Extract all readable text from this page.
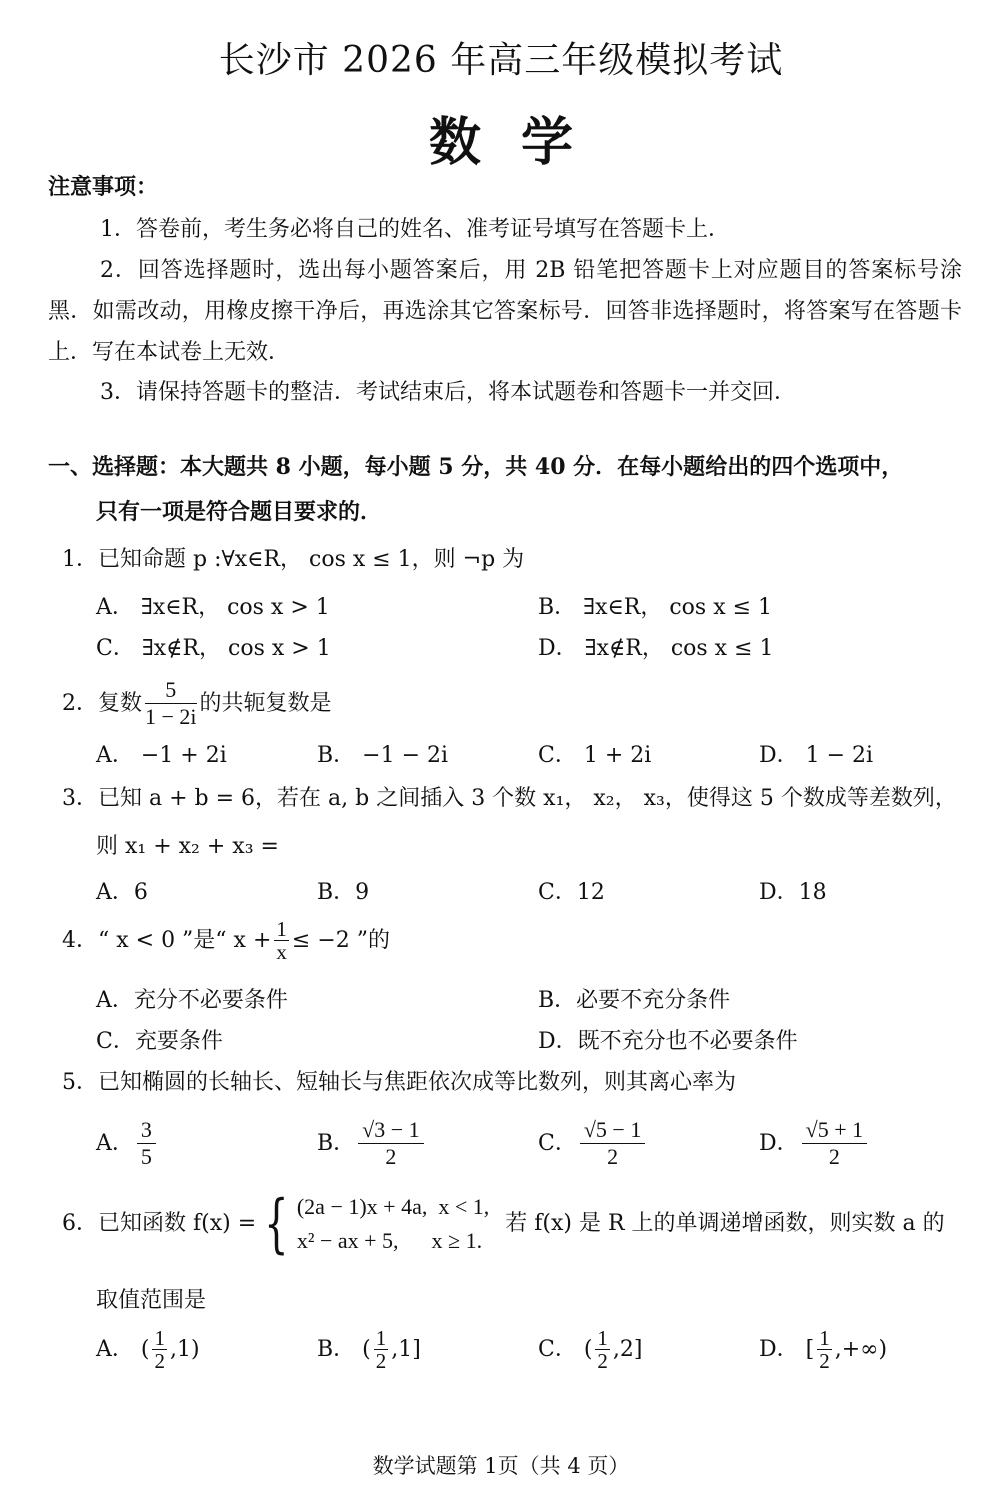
长沙市 2026 年高三年级模拟考试
数学
注意事项：
1．答卷前，考生务必将自己的姓名、准考证号填写在答题卡上．
2．回答选择题时，选出每小题答案后，用 2B 铅笔把答题卡上对应题目的答案标号涂黑．如需改动，用橡皮擦干净后，再选涂其它答案标号．回答非选择题时，将答案写在答题卡上．写在本试卷上无效．
3．请保持答题卡的整洁．考试结束后，将本试题卷和答题卡一并交回．
一、选择题：本大题共 8 小题，每小题 5 分，共 40 分．在每小题给出的四个选项中，
只有一项是符合题目要求的．
1．已知命题 p :∀x∈R， cos x ≤ 1，则 ¬p 为
A． ∃x∈R， cos x > 1	B． ∃x∈R， cos x ≤ 1
C． ∃x∉R， cos x > 1	D． ∃x∉R， cos x ≤ 1
2．复数 $\frac{5}{1 - 2i}$ 的共轭复数是
A． −1 + 2i	B． −1 − 2i	C． 1 + 2i	D． 1 − 2i
3．已知 a + b = 6，若在 a, b 之间插入 3 个数 x₁， x₂， x₃，使得这 5 个数成等差数列，
则 x₁ + x₂ + x₃ =
A．6	B．9	C．12	D．18
4．“ x < 0 ”是“ $x + \frac{1}{x} \le -2$ ”的
A．充分不必要条件	B．必要不充分条件
C．充要条件	D．既不充分也不必要条件
5．已知椭圆的长轴长、短轴长与焦距依次成等比数列，则其离心率为
A． $\frac{3}{5}$	B． $\frac{√3 - 1}{2}$	C． $\frac{√5 - 1}{2}$	D． $\frac{√5 + 1}{2}$
6．已知函数 f(x) = { (2a − 1)x + 4a,  x < 1,
x² − ax + 5,      x ≥ 1.
若 f(x) 是 R 上的单调递增函数，则实数 a 的
取值范围是
A． ( $\frac{1}{2} ,1$)	B． ( $\frac{1}{2} ,1$]	C． ( $\frac{1}{2} ,2$]	D． [ $\frac{1}{2}$ ,+∞)
数学试题第 1页（共 4 页）
